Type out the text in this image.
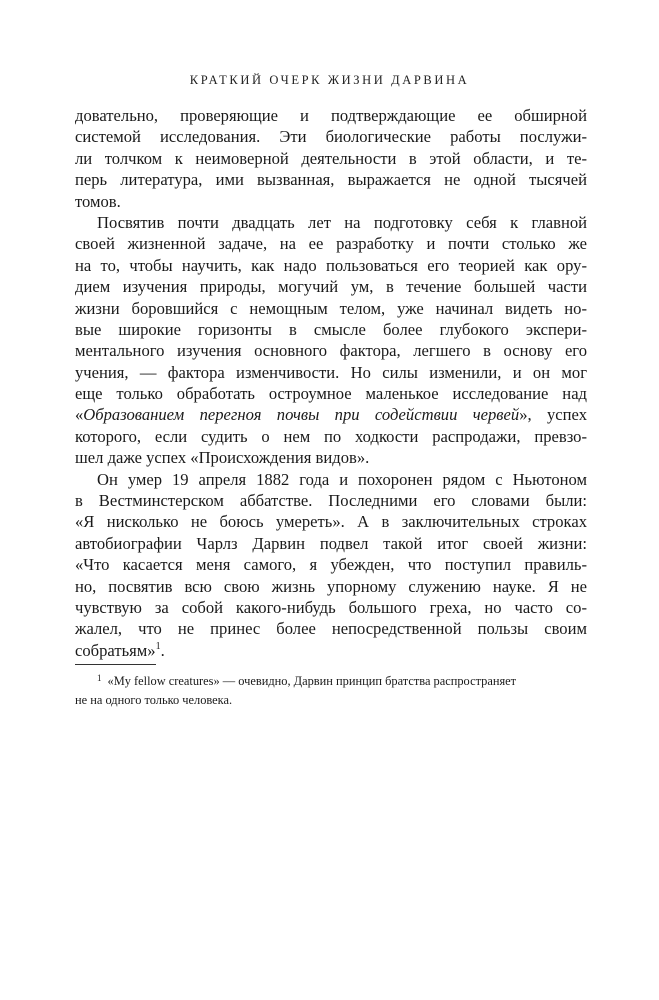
КРАТКИЙ ОЧЕРК ЖИЗНИ ДАРВИНА
довательно, проверяющие и подтверждающие ее обширной
системой исследования. Эти биологические работы послужи-
ли толчком к неимоверной деятельности в этой области, и те-
перь литература, ими вызванная, выражается не одной тысячей
томов.
Посвятив почти двадцать лет на подготовку себя к главной
своей жизненной задаче, на ее разработку и почти столько же
на то, чтобы научить, как надо пользоваться его теорией как ору-
дием изучения природы, могучий ум, в течение большей части
жизни боровшийся с немощным телом, уже начинал видеть но-
вые широкие горизонты в смысле более глубокого экспери-
ментального изучения основного фактора, легшего в основу его
учения, — фактора изменчивости. Но силы изменили, и он мог
еще только обработать остроумное маленькое исследование над
«Образованием перегноя почвы при содействии червей», успех
которого, если судить о нем по ходкости распродажи, превзо-
шел даже успех «Происхождения видов».
Он умер 19 апреля 1882 года и похоронен рядом с Ньютоном
в Вестминстерском аббатстве. Последними его словами были:
«Я нисколько не боюсь умереть». А в заключительных строках
автобиографии Чарлз Дарвин подвел такой итог своей жизни:
«Что касается меня самого, я убежден, что поступил правиль-
но, посвятив всю свою жизнь упорному служению науке. Я не
чувствую за собой какого-нибудь большого греха, но часто со-
жалел, что не принес более непосредственной пользы своим
собратьям»$^1$.
$^1$ «My fellow creatures» — очевидно, Дарвин принцип братства распространяет
не на одного только человека.
